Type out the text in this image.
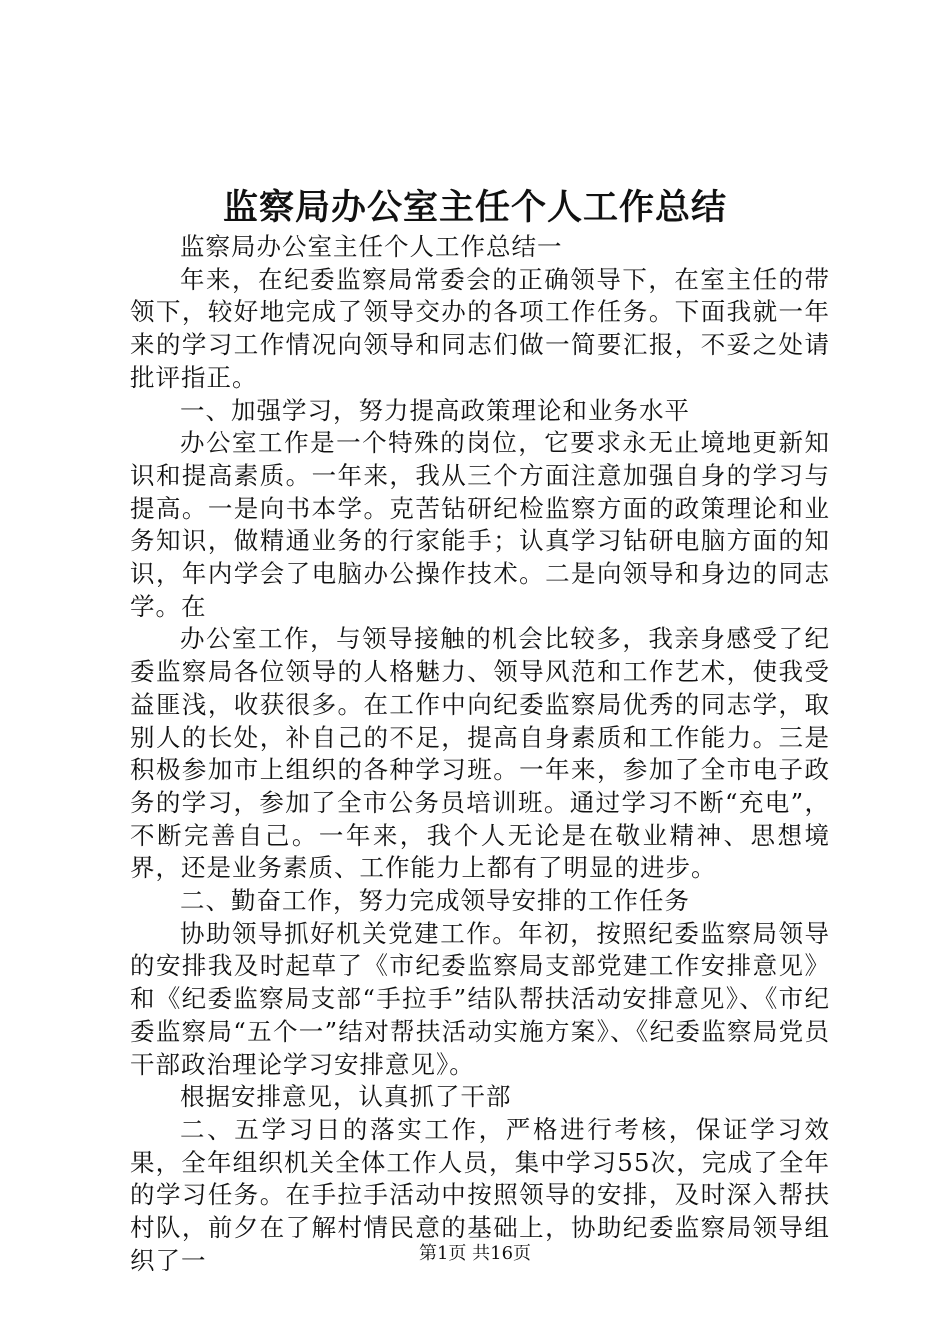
监察局办公室主任个人工作总结

监察局办公室主任个人工作总结一

年来，在纪委监察局常委会的正确领导下，在室主任的带领下，较好地完成了领导交办的各项工作任务。下面我就一年来的学习工作情况向领导和同志们做一简要汇报，不妥之处请批评指正。

一、加强学习，努力提高政策理论和业务水平

办公室工作是一个特殊的岗位，它要求永无止境地更新知识和提高素质。一年来，我从三个方面注意加强自身的学习与提高。一是向书本学。克苦钻研纪检监察方面的政策理论和业务知识，做精通业务的行家能手；认真学习钻研电脑方面的知识，年内学会了电脑办公操作技术。二是向领导和身边的同志学。在

办公室工作，与领导接触的机会比较多，我亲身感受了纪委监察局各位领导的人格魅力、领导风范和工作艺术，使我受益匪浅，收获很多。在工作中向纪委监察局优秀的同志学，取别人的长处，补自己的不足，提高自身素质和工作能力。三是积极参加市上组织的各种学习班。一年来，参加了全市电子政务的学习，参加了全市公务员培训班。通过学习不断“充电”，不断完善自己。一年来，我个人无论是在敬业精神、思想境界，还是业务素质、工作能力上都有了明显的进步。

二、勤奋工作，努力完成领导安排的工作任务

协助领导抓好机关党建工作。年初，按照纪委监察局领导的安排我及时起草了《市纪委监察局支部党建工作安排意见》和《纪委监察局支部“手拉手”结队帮扶活动安排意见》、《市纪委监察局“五个一”结对帮扶活动实施方案》、《纪委监察局党员干部政治理论学习安排意见》。

根据安排意见，认真抓了干部

二、五学习日的落实工作，严格进行考核，保证学习效果，全年组织机关全体工作人员，集中学习55次，完成了全年的学习任务。在手拉手活动中按照领导的安排，及时深入帮扶村队，前夕在了解村情民意的基础上，协助纪委监察局领导组织了一	第1页 共16页
